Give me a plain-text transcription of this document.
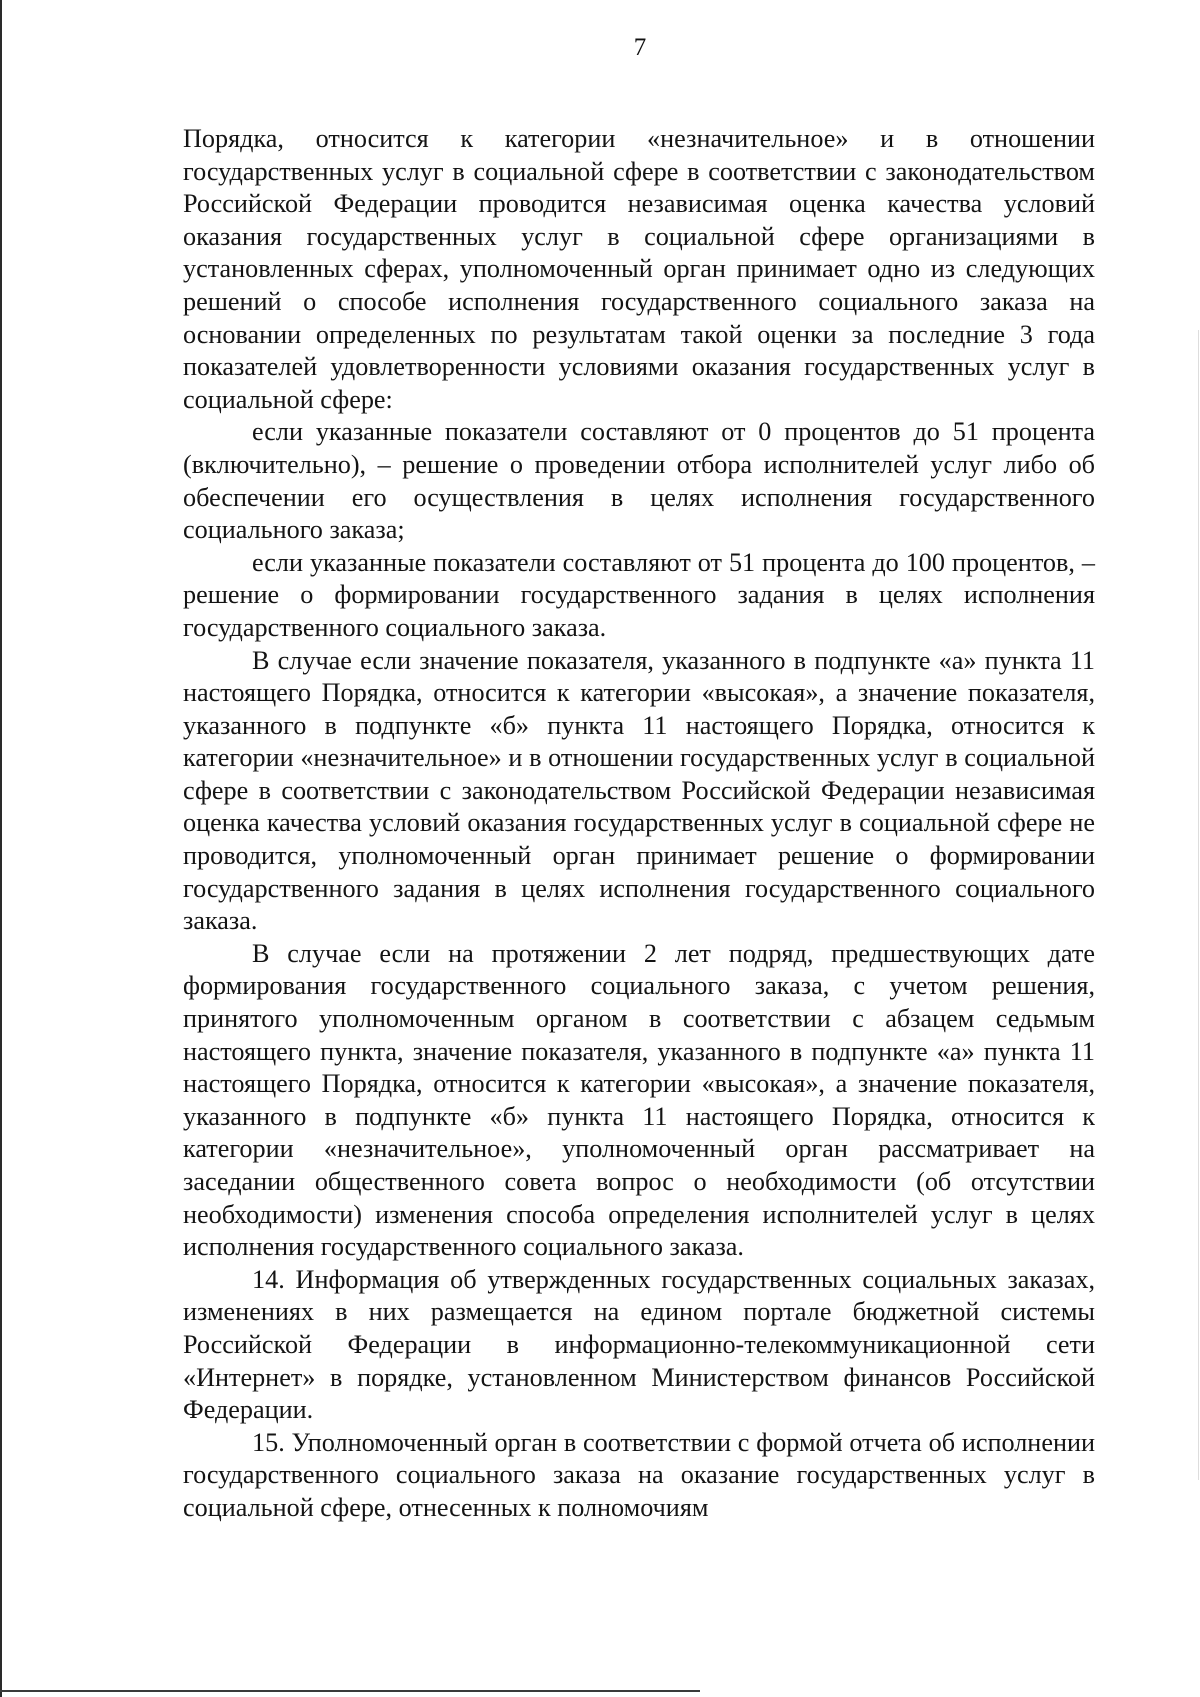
7

Порядка, относится к категории «незначительное» и в отношении государственных услуг в социальной сфере в соответствии с законодательством Российской Федерации проводится независимая оценка качества условий оказания государственных услуг в социальной сфере организациями в установленных сферах, уполномоченный орган принимает одно из следующих решений о способе исполнения государственного социального заказа на основании определенных по результатам такой оценки за последние 3 года показателей удовлетворенности условиями оказания государственных услуг в социальной сфере:

если указанные показатели составляют от 0 процентов до 51 процента (включительно), – решение о проведении отбора исполнителей услуг либо об обеспечении его осуществления в целях исполнения государственного социального заказа;

если указанные показатели составляют от 51 процента до 100 процентов, – решение о формировании государственного задания в целях исполнения государственного социального заказа.

В случае если значение показателя, указанного в подпункте «а» пункта 11 настоящего Порядка, относится к категории «высокая», а значение показателя, указанного в подпункте «б» пункта 11 настоящего Порядка, относится к категории «незначительное» и в отношении государственных услуг в социальной сфере в соответствии с законодательством Российской Федерации независимая оценка качества условий оказания государственных услуг в социальной сфере не проводится, уполномоченный орган принимает решение о формировании государственного задания в целях исполнения государственного социального заказа.

В случае если на протяжении 2 лет подряд, предшествующих дате формирования государственного социального заказа, с учетом решения, принятого уполномоченным органом в соответствии с абзацем седьмым настоящего пункта, значение показателя, указанного в подпункте «а» пункта 11 настоящего Порядка, относится к категории «высокая», а значение показателя, указанного в подпункте «б» пункта 11 настоящего Порядка, относится к категории «незначительное», уполномоченный орган рассматривает на заседании общественного совета вопрос о необходимости (об отсутствии необходимости) изменения способа определения исполнителей услуг в целях исполнения государственного социального заказа.

14. Информация об утвержденных государственных социальных заказах, изменениях в них размещается на едином портале бюджетной системы Российской Федерации в информационно-телекоммуникационной сети «Интернет» в порядке, установленном Министерством финансов Российской Федерации.

15. Уполномоченный орган в соответствии с формой отчета об исполнении государственного социального заказа на оказание государственных услуг в социальной сфере, отнесенных к полномочиям
